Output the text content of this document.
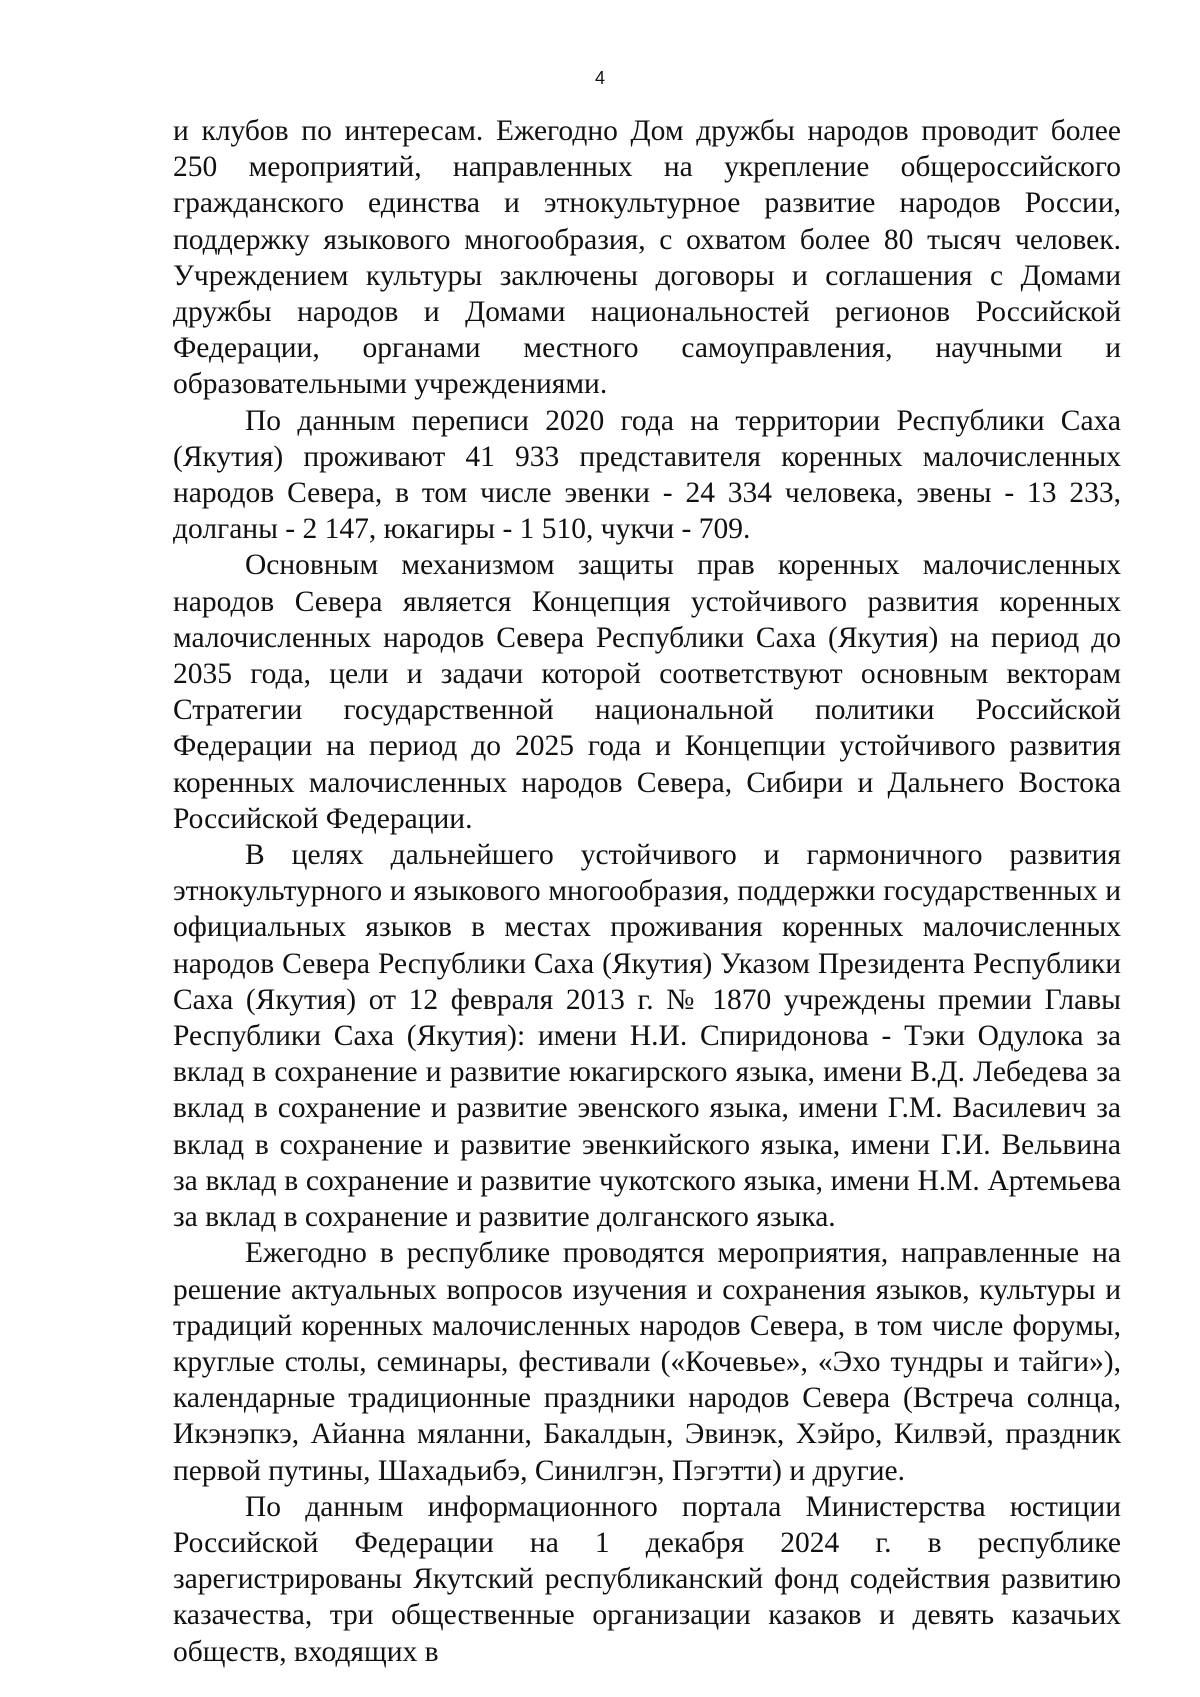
4

и клубов по интересам. Ежегодно Дом дружбы народов проводит более 250 мероприятий, направленных на укрепление общероссийского гражданского единства и этнокультурное развитие народов России, поддержку языкового многообразия, с охватом более 80 тысяч человек. Учреждением культуры заключены договоры и соглашения с Домами дружбы народов и Домами национальностей регионов Российской Федерации, органами местного самоуправления, научными и образовательными учреждениями.

По данным переписи 2020 года на территории Республики Саха (Якутия) проживают 41 933 представителя коренных малочисленных народов Севера, в том числе эвенки - 24 334 человека, эвены - 13 233, долганы - 2 147, юкагиры - 1 510, чукчи - 709.

Основным механизмом защиты прав коренных малочисленных народов Севера является Концепция устойчивого развития коренных малочисленных народов Севера Республики Саха (Якутия) на период до 2035 года, цели и задачи которой соответствуют основным векторам Стратегии государственной национальной политики Российской Федерации на период до 2025 года и Концепции устойчивого развития коренных малочисленных народов Севера, Сибири и Дальнего Востока Российской Федерации.

В целях дальнейшего устойчивого и гармоничного развития этнокультурного и языкового многообразия, поддержки государственных и официальных языков в местах проживания коренных малочисленных народов Севера Республики Саха (Якутия) Указом Президента Республики Саха (Якутия) от 12 февраля 2013 г. № 1870 учреждены премии Главы Республики Саха (Якутия): имени Н.И. Спиридонова - Тэки Одулока за вклад в сохранение и развитие юкагирского языка, имени В.Д. Лебедева за вклад в сохранение и развитие эвенского языка, имени Г.М. Василевич за вклад в сохранение и развитие эвенкийского языка, имени Г.И. Вельвина за вклад в сохранение и развитие чукотского языка, имени Н.М. Артемьева за вклад в сохранение и развитие долганского языка.

Ежегодно в республике проводятся мероприятия, направленные на решение актуальных вопросов изучения и сохранения языков, культуры и традиций коренных малочисленных народов Севера, в том числе форумы, круглые столы, семинары, фестивали («Кочевье», «Эхо тундры и тайги»), календарные традиционные праздники народов Севера (Встреча солнца, Икэнэпкэ, Айанна мяланни, Бакалдын, Эвинэк, Хэйро, Килвэй, праздник первой путины, Шахадьибэ, Синилгэн, Пэгэтти) и другие.

По данным информационного портала Министерства юстиции Российской Федерации на 1 декабря 2024 г. в республике зарегистрированы Якутский республиканский фонд содействия развитию казачества, три общественные организации казаков и девять казачьих обществ, входящих в
